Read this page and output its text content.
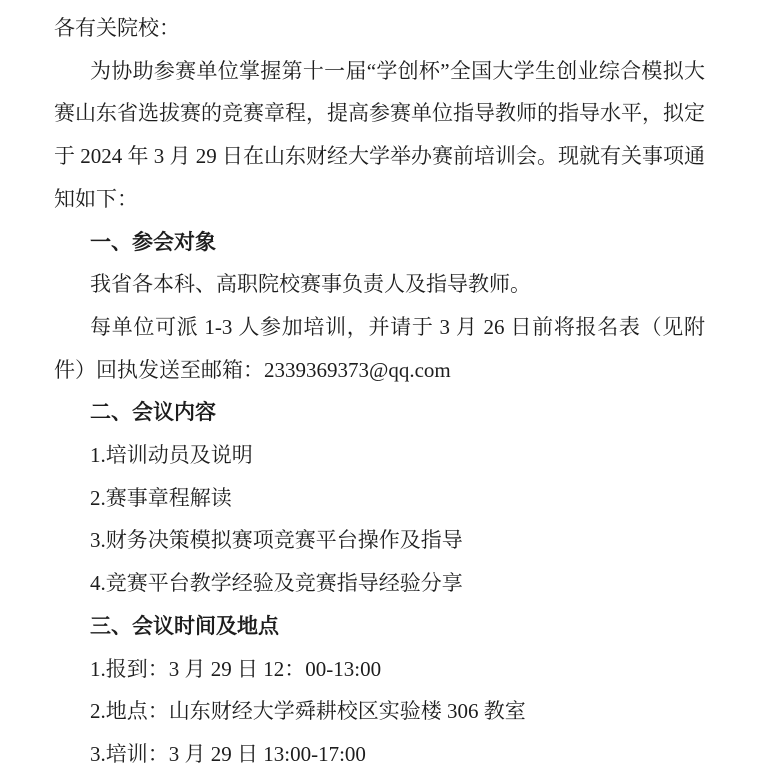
各有关院校：

为协助参赛单位掌握第十一届“学创杯”全国大学生创业综合模拟大赛山东省选拔赛的竞赛章程，提高参赛单位指导教师的指导水平，拟定于 2024 年 3 月 29 日在山东财经大学举办赛前培训会。现就有关事项通知如下：

一、参会对象

我省各本科、高职院校赛事负责人及指导教师。

每单位可派 1-3 人参加培训，并请于 3 月 26 日前将报名表（见附件）回执发送至邮箱：2339369373@qq.com

二、会议内容

1.培训动员及说明

2.赛事章程解读

3.财务决策模拟赛项竞赛平台操作及指导

4.竞赛平台教学经验及竞赛指导经验分享

三、会议时间及地点

1.报到：3 月 29 日 12：00-13:00

2.地点：山东财经大学舜耕校区实验楼 306 教室

3.培训：3 月 29 日 13:00-17:00
